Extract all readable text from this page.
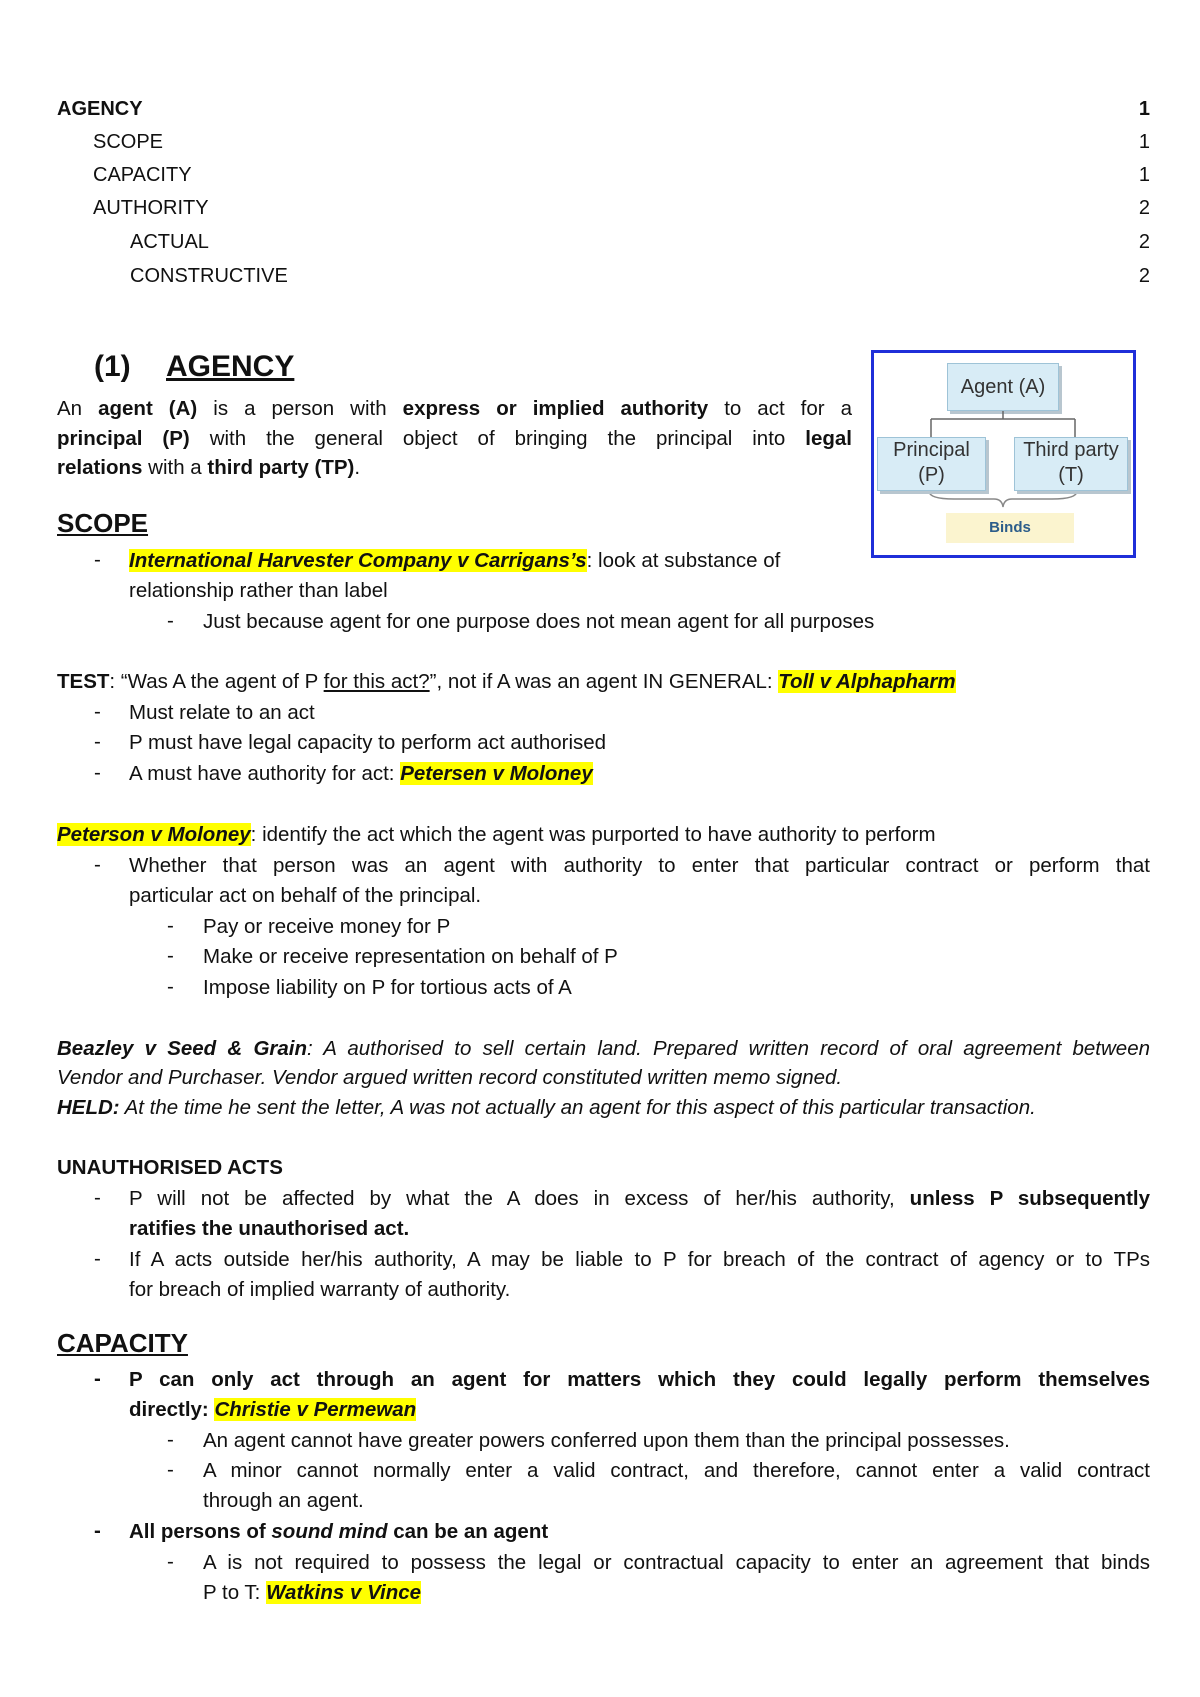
AGENCY	1
SCOPE	1
CAPACITY	1
AUTHORITY	2
ACTUAL	2
CONSTRUCTIVE	2
(1) AGENCY
An agent (A) is a person with express or implied authority to act for a
principal (P) with the general object of bringing the principal into legal
relations with a third party (TP).
Agent (A)
Principal
(P)
Third party
(T)
Binds
SCOPE
- International Harvester Company v Carrigans’s: look at substance of
relationship rather than label
- Just because agent for one purpose does not mean agent for all purposes
TEST: “Was A the agent of P for this act?”, not if A was an agent IN GENERAL: Toll v Alphapharm
- Must relate to an act
- P must have legal capacity to perform act authorised
- A must have authority for act: Petersen v Moloney
Peterson v Moloney: identify the act which the agent was purported to have authority to perform
- Whether that person was an agent with authority to enter that particular contract or perform that
particular act on behalf of the principal.
- Pay or receive money for P
- Make or receive representation on behalf of P
- Impose liability on P for tortious acts of A
Beazley v Seed & Grain: A authorised to sell certain land. Prepared written record of oral agreement between
Vendor and Purchaser. Vendor argued written record constituted written memo signed.
HELD: At the time he sent the letter, A was not actually an agent for this aspect of this particular transaction.
UNAUTHORISED ACTS
- P will not be affected by what the A does in excess of her/his authority, unless P subsequently
ratifies the unauthorised act.
- If A acts outside her/his authority, A may be liable to P for breach of the contract of agency or to TPs
for breach of implied warranty of authority.
CAPACITY
- P can only act through an agent for matters which they could legally perform themselves
directly: Christie v Permewan
- An agent cannot have greater powers conferred upon them than the principal possesses.
- A minor cannot normally enter a valid contract, and therefore, cannot enter a valid contract
through an agent.
- All persons of sound mind can be an agent
- A is not required to possess the legal or contractual capacity to enter an agreement that binds
P to T: Watkins v Vince
